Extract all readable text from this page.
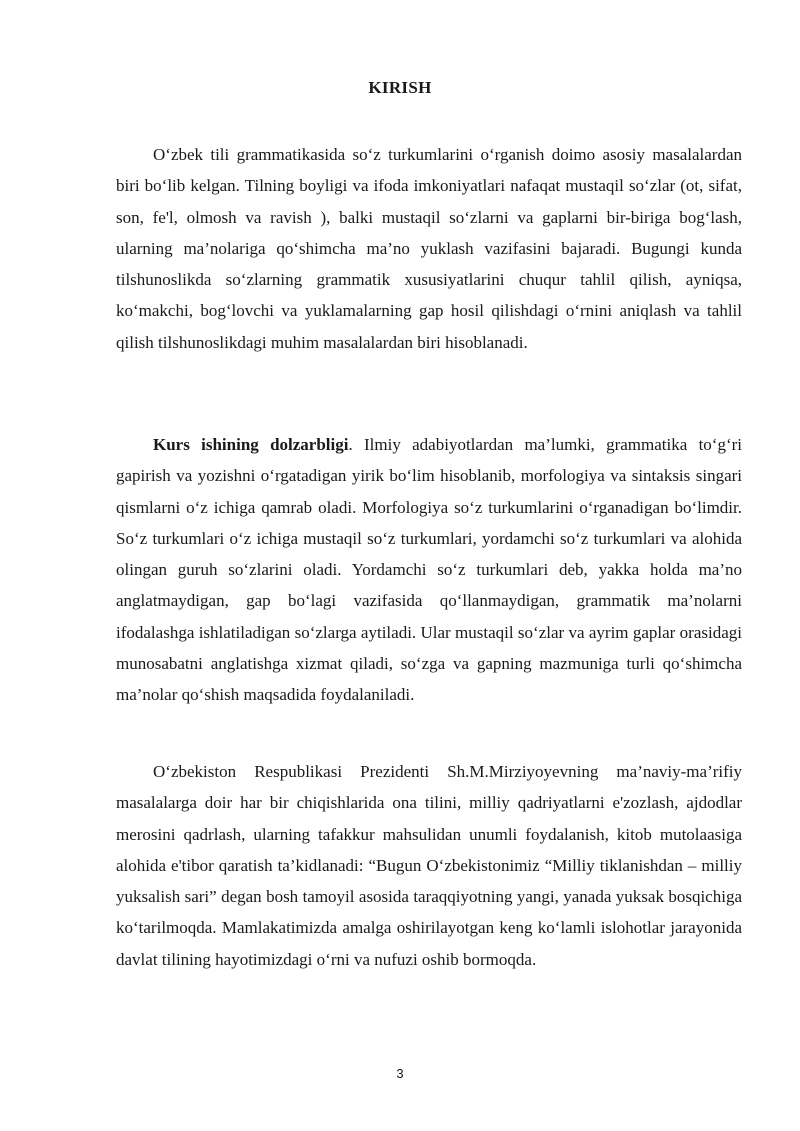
KIRISH

O‘zbek tili grammatikasida so‘z turkumlarini o‘rganish doimo asosiy masalalardan biri bo‘lib kelgan. Tilning boyligi va ifoda imkoniyatlari nafaqat mustaqil so‘zlar (ot, sifat, son, fe'l, olmosh va ravish ), balki mustaqil so‘zlarni va gaplarni bir-biriga bog‘lash, ularning ma’nolariga qo‘shimcha ma’no yuklash vazifasini bajaradi. Bugungi kunda tilshunoslikda so‘zlarning grammatik xususiyatlarini chuqur tahlil qilish, ayniqsa, ko‘makchi, bog‘lovchi va yuklamalarning gap hosil qilishdagi o‘rnini aniqlash va tahlil qilish tilshunoslikdagi muhim masalalardan biri hisoblanadi.

Kurs ishining dolzarbligi. Ilmiy adabiyotlardan ma’lumki, grammatika to‘g‘ri gapirish va yozishni o‘rgatadigan yirik bo‘lim hisoblanib, morfologiya va sintaksis singari qismlarni o‘z ichiga qamrab oladi. Morfologiya so‘z turkumlarini o‘rganadigan bo‘limdir. So‘z turkumlari o‘z ichiga mustaqil so‘z turkumlari, yordamchi so‘z turkumlari va alohida olingan guruh so‘zlarini oladi. Yordamchi so‘z turkumlari deb, yakka holda ma’no anglatmaydigan, gap bo‘lagi vazifasida qo‘llanmaydigan, grammatik ma’nolarni ifodalashga ishlatiladigan so‘zlarga aytiladi. Ular mustaqil so‘zlar va ayrim gaplar orasidagi munosabatni anglatishga xizmat qiladi, so‘zga va gapning mazmuniga turli qo‘shimcha ma’nolar qo‘shish maqsadida foydalaniladi.

O‘zbekiston Respublikasi Prezidenti Sh.M.Mirziyoyevning ma’naviy-ma’rifiy masalalarga doir har bir chiqishlarida ona tilini, milliy qadriyatlarni e'zozlash, ajdodlar merosini qadrlash, ularning tafakkur mahsulidan unumli foydalanish, kitob mutolaasiga alohida e'tibor qaratish ta’kidlanadi: “Bugun O‘zbekistonimiz “Milliy tiklanishdan – milliy yuksalish sari” degan bosh tamoyil asosida taraqqiyotning yangi, yanada yuksak bosqichiga ko‘tarilmoqda. Mamlakatimizda amalga oshirilayotgan keng ko‘lamli islohotlar jarayonida davlat tilining hayotimizdagi o‘rni va nufuzi oshib bormoqda.

3
